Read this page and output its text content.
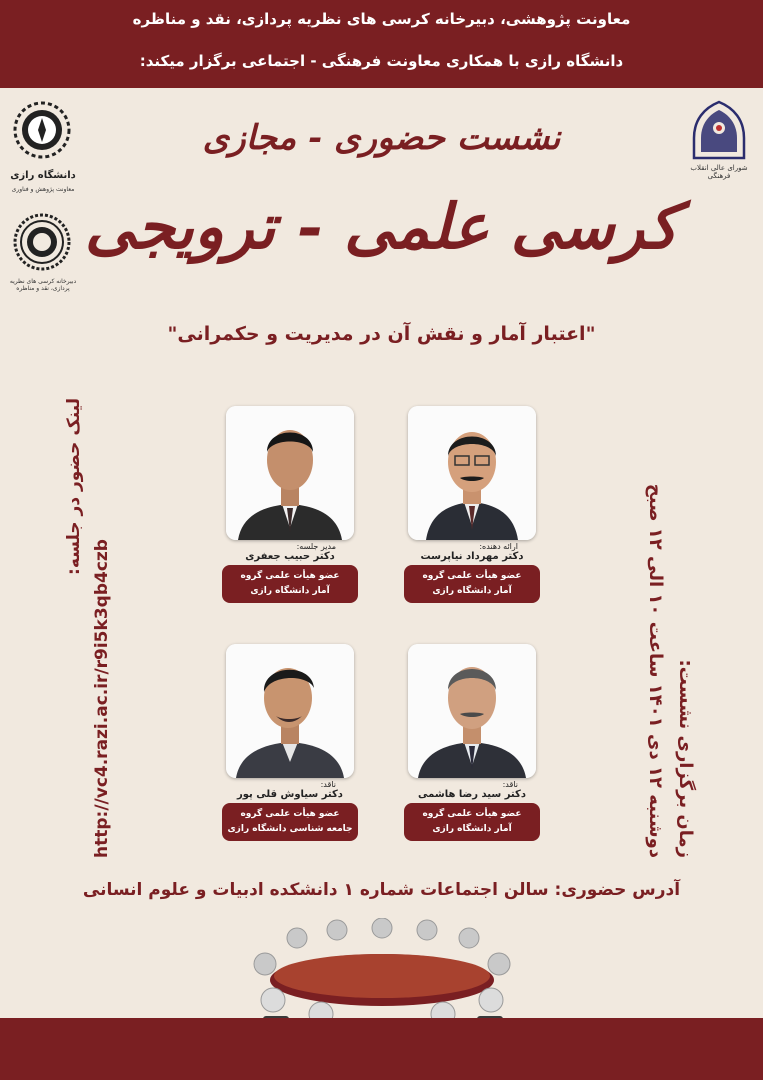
معاونت پژوهشی، دبیرخانه کرسی های نظریه پردازی، نقد و مناظره
دانشگاه رازی با همکاری معاونت فرهنگی - اجتماعی برگزار میکند:
دانشگاه رازی
معاونت پژوهش و فناوری
دبیرخانه کرسی های نظریه پردازی، نقد و مناظره
شورای عالی انقلاب فرهنگی
نشست حضوری - مجازی
کرسی علمی - ترویجی
"اعتبار آمار و نقش آن در مدیریت و حکمرانی"
زمان برگزاری نشست:
دوشنبه ۱۲ دی ۱۴۰۱ ساعت ۱۰ الی ۱۲ صبح
لینک حضور در جلسه:
http://vc4.razi.ac.ir/r9i5k3qb4czb	ارائه دهنده:
دکتر مهرداد نیاپرست
عضو هیأت علمی گروه
آمار دانشگاه رازی
مدیر جلسه:
دکتر حبیب جعفری
عضو هیأت علمی گروه
آمار دانشگاه رازی
ناقد:
دکتر سید رضا هاشمی
عضو هیأت علمی گروه
آمار دانشگاه رازی
ناقد:
دکتر سیاوش قلی پور
عضو هیأت علمی گروه
جامعه شناسی دانشگاه رازی
آدرس حضوری: سالن اجتماعات شماره ۱ دانشکده ادبیات و علوم انسانی
